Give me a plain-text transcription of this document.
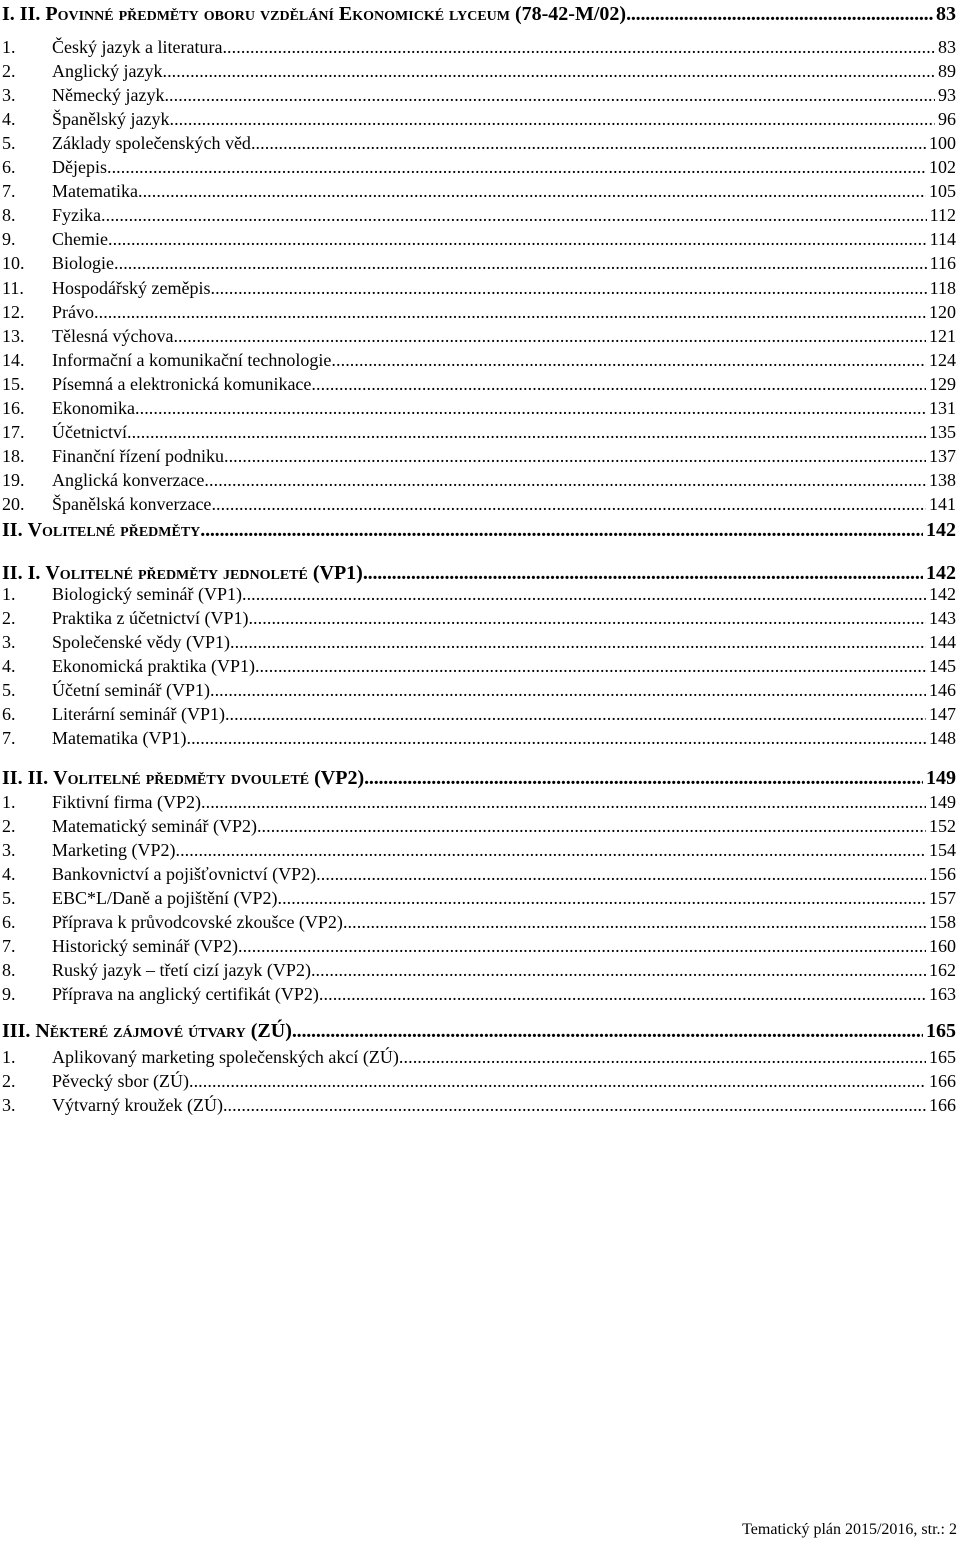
I. II. Povinné předměty oboru vzdělání Ekonomické lyceum (78-42-M/02) . . .	83
1. Český jazyk a literatura . . .	83
2. Anglický jazyk . . .	89
3. Německý jazyk . . .	93
4. Španělský jazyk . . .	96
5. Základy společenských věd . . .	100
6. Dějepis . . .	102
7. Matematika . . .	105
8. Fyzika . . .	112
9. Chemie . . .	114
10. Biologie . . .	116
11. Hospodářský zeměpis . . .	118
12. Právo . . .	120
13. Tělesná výchova . . .	121
14. Informační a komunikační technologie . . .	124
15. Písemná a elektronická komunikace . . .	129
16. Ekonomika . . .	131
17. Účetnictví . . .	135
18. Finanční řízení podniku . . .	137
19. Anglická konverzace . . .	138
20. Španělská konverzace . . .	141
II. Volitelné předměty . . .	142
II. I. Volitelné předměty jednoleté (VP1) . . .	142
1. Biologický seminář (VP1) . . .	142
2. Praktika z účetnictví (VP1) . . .	143
3. Společenské vědy (VP1) . . .	144
4. Ekonomická praktika (VP1) . . .	145
5. Účetní seminář (VP1) . . .	146
6. Literární seminář (VP1) . . .	147
7. Matematika (VP1) . . .	148
II. II. Volitelné předměty dvouleté (VP2) . . .	149
1. Fiktivní firma (VP2) . . .	149
2. Matematický seminář (VP2) . . .	152
3. Marketing (VP2) . . .	154
4. Bankovnictví a pojišťovnictví (VP2) . . .	156
5. EBC*L/Daně a pojištění (VP2) . . .	157
6. Příprava k průvodcovské zkoušce (VP2) . . .	158
7. Historický seminář (VP2) . . .	160
8. Ruský jazyk – třetí cizí jazyk (VP2) . . .	162
9. Příprava na anglický certifikát (VP2) . . .	163
III. Některé zájmové útvary (ZÚ) . . .	165
1. Aplikovaný marketing společenských akcí (ZÚ) . . .	165
2. Pěvecký sbor (ZÚ) . . .	166
3. Výtvarný kroužek (ZÚ) . . .	166
Tematický plán 2015/2016, str.: 2
